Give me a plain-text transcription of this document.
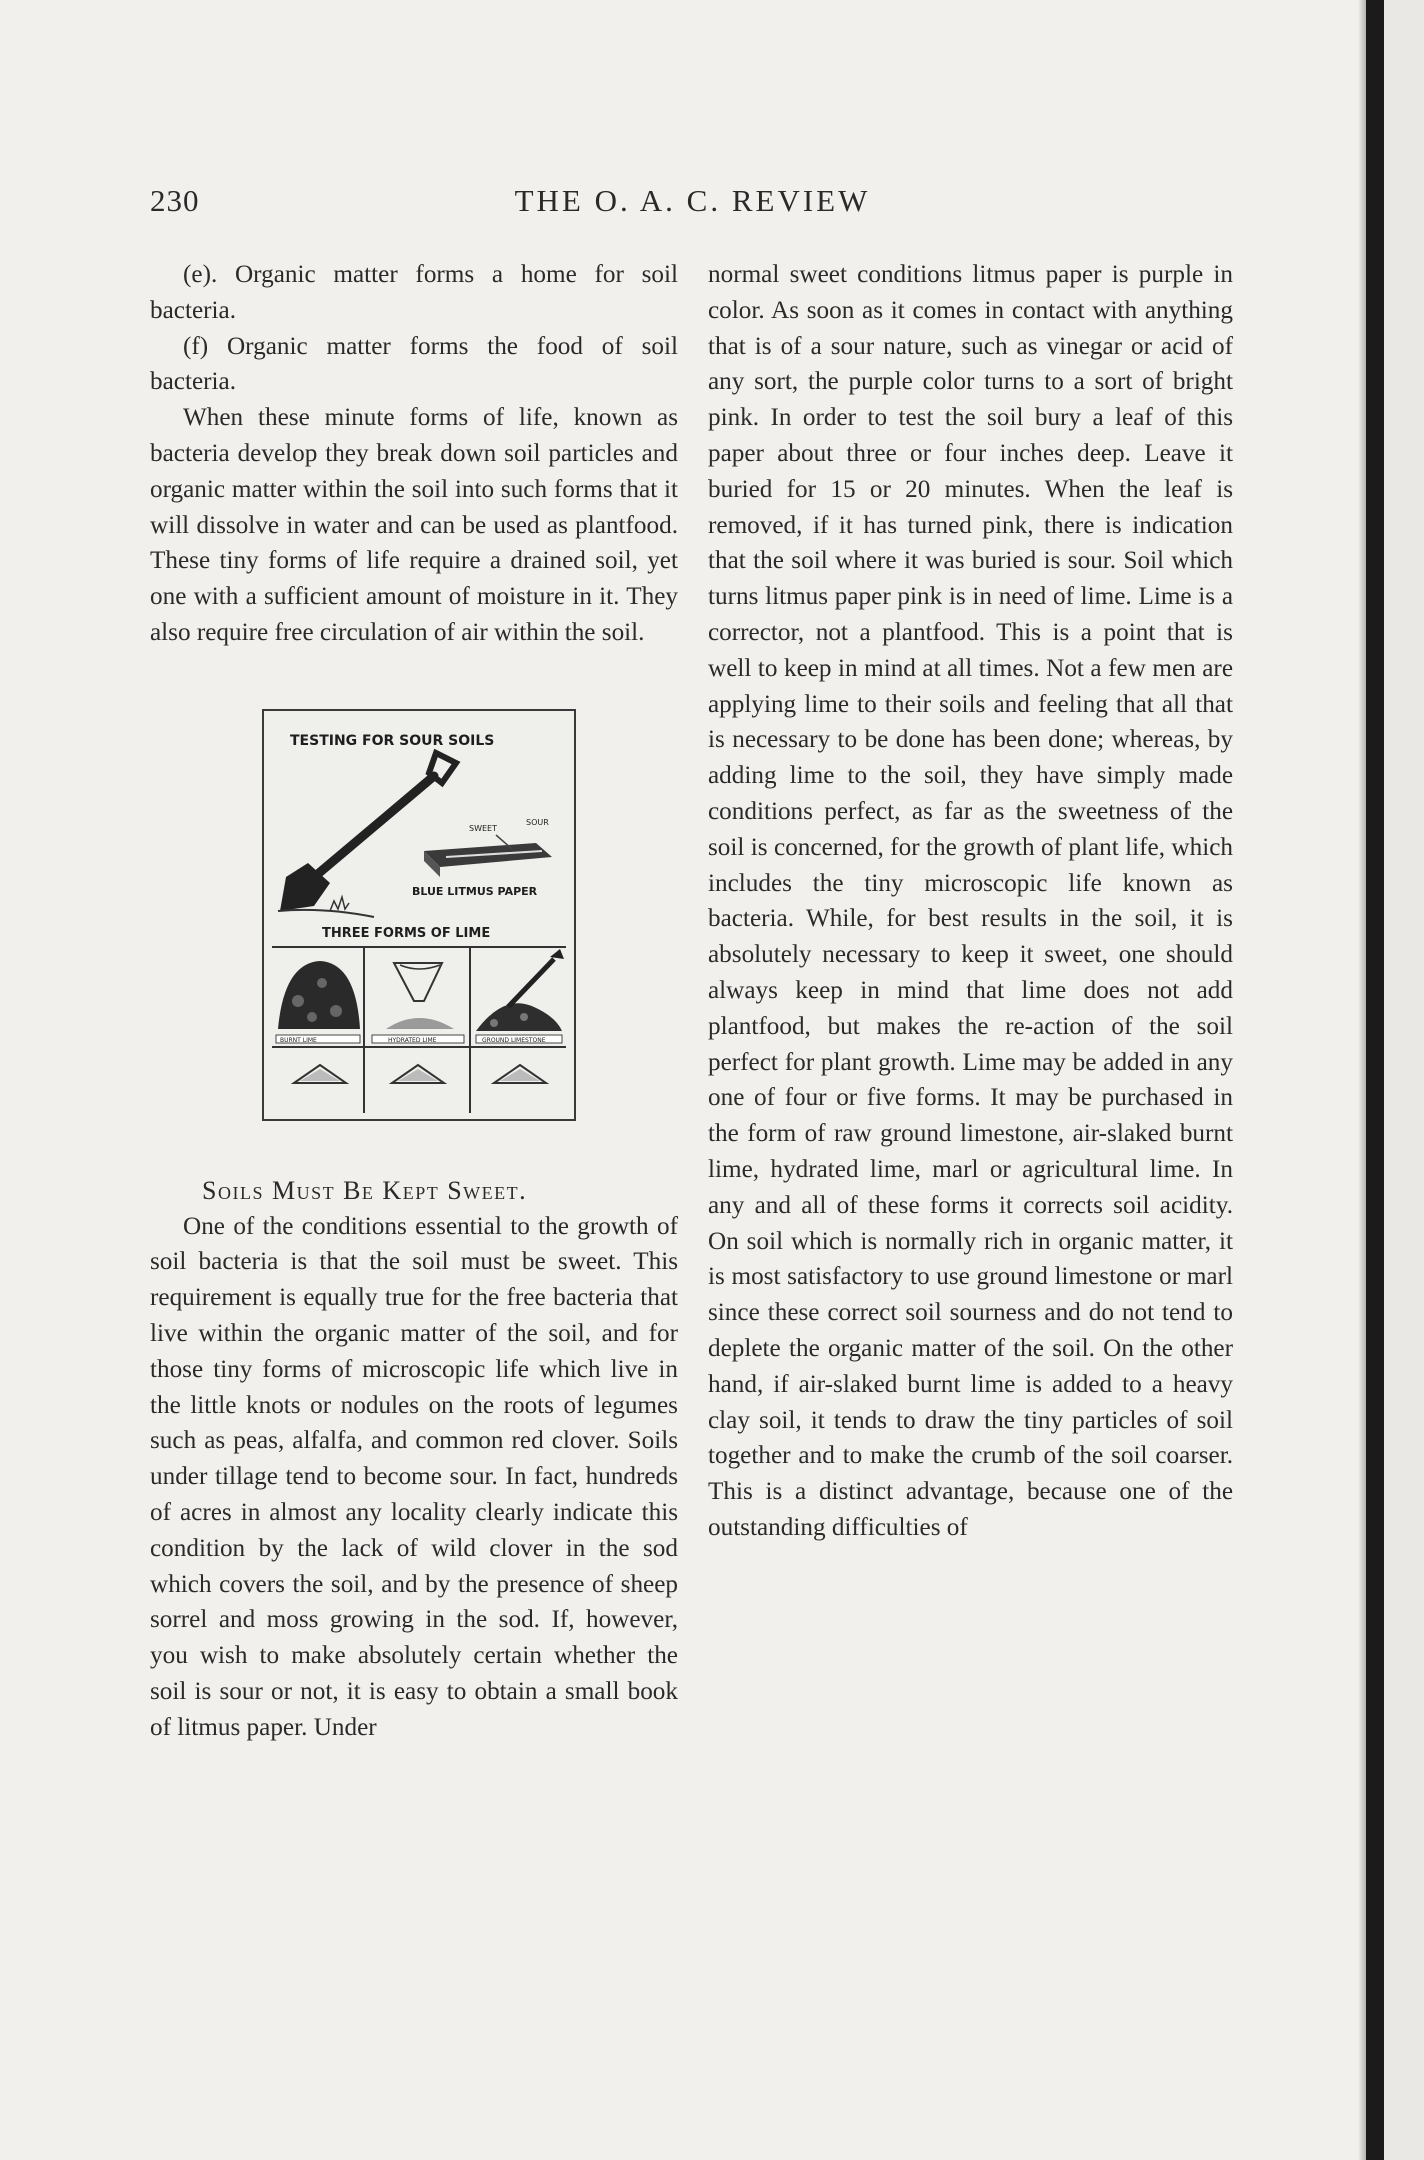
230	THE O. A. C. REVIEW

(e). Organic matter forms a home for soil bacteria.

(f) Organic matter forms the food of soil bacteria.

When these minute forms of life, known as bacteria develop they break down soil particles and organic matter within the soil into such forms that it will dissolve in water and can be used as plantfood. These tiny forms of life require a drained soil, yet one with a sufficient amount of moisture in it. They also require free circulation of air within the soil.

TESTING FOR SOUR SOILS
SWEET
SOUR
BLUE LITMUS PAPER
THREE FORMS OF LIME
BURNT LIME	HYDRATED LIME	GROUND LIMESTONE
Soils Must Be Kept Sweet.

One of the conditions essential to the growth of soil bacteria is that the soil must be sweet. This requirement is equally true for the free bacteria that live within the organic matter of the soil, and for those tiny forms of microscopic life which live in the little knots or nodules on the roots of legumes such as peas, alfalfa, and common red clover. Soils under tillage tend to become sour. In fact, hundreds of acres in almost any locality clearly indicate this condition by the lack of wild clover in the sod which covers the soil, and by the presence of sheep sorrel and moss growing in the sod. If, however, you wish to make absolutely certain whether the soil is sour or not, it is easy to obtain a small book of litmus paper. Under

normal sweet conditions litmus paper is purple in color. As soon as it comes in contact with anything that is of a sour nature, such as vinegar or acid of any sort, the purple color turns to a sort of bright pink. In order to test the soil bury a leaf of this paper about three or four inches deep. Leave it buried for 15 or 20 minutes. When the leaf is removed, if it has turned pink, there is indication that the soil where it was buried is sour. Soil which turns litmus paper pink is in need of lime. Lime is a corrector, not a plantfood. This is a point that is well to keep in mind at all times. Not a few men are applying lime to their soils and feeling that all that is necessary to be done has been done; whereas, by adding lime to the soil, they have simply made conditions perfect, as far as the sweetness of the soil is concerned, for the growth of plant life, which includes the tiny microscopic life known as bacteria. While, for best results in the soil, it is absolutely necessary to keep it sweet, one should always keep in mind that lime does not add plantfood, but makes the re-action of the soil perfect for plant growth. Lime may be added in any one of four or five forms. It may be purchased in the form of raw ground limestone, air-slaked burnt lime, hydrated lime, marl or agricultural lime. In any and all of these forms it corrects soil acidity. On soil which is normally rich in organic matter, it is most satisfactory to use ground limestone or marl since these correct soil sourness and do not tend to deplete the organic matter of the soil. On the other hand, if air-slaked burnt lime is added to a heavy clay soil, it tends to draw the tiny particles of soil together and to make the crumb of the soil coarser. This is a distinct advantage, because one of the outstanding difficulties of
